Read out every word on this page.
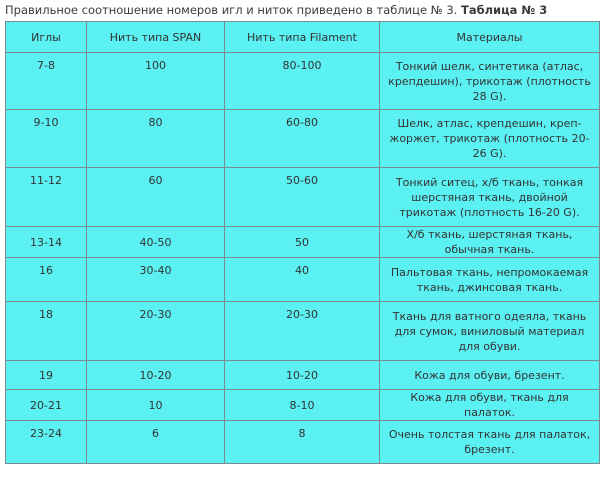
Правильное соотношение номеров игл и ниток приведено в таблице № 3. Таблица № 3
Иглы	Нить типа SPAN	Нить типа Filament	Материалы
7-8	100	80-100	Тонкий шелк, синтетика (атлас, крепдешин), трикотаж (плотность 28 G).
9-10	80	60-80	Шелк, атлас, крепдешин, креп-жоржет, трикотаж (плотность 20-26 G).
11-12	60	50-60	Тонкий ситец, х/б ткань, тонкая шерстяная ткань, двойной трикотаж (плотность 16-20 G).
13-14	40-50	50	Х/б ткань, шерстяная ткань, обычная ткань.
16	30-40	40	Пальтовая ткань, непромокаемая ткань, джинсовая ткань.
18	20-30	20-30	Ткань для ватного одеяла, ткань для сумок, виниловый материал для обуви.
19	10-20	10-20	Кожа для обуви, брезент.
20-21	10	8-10	Кожа для обуви, ткань для палаток.
23-24	6	8	Очень толстая ткань для палаток, брезент.
